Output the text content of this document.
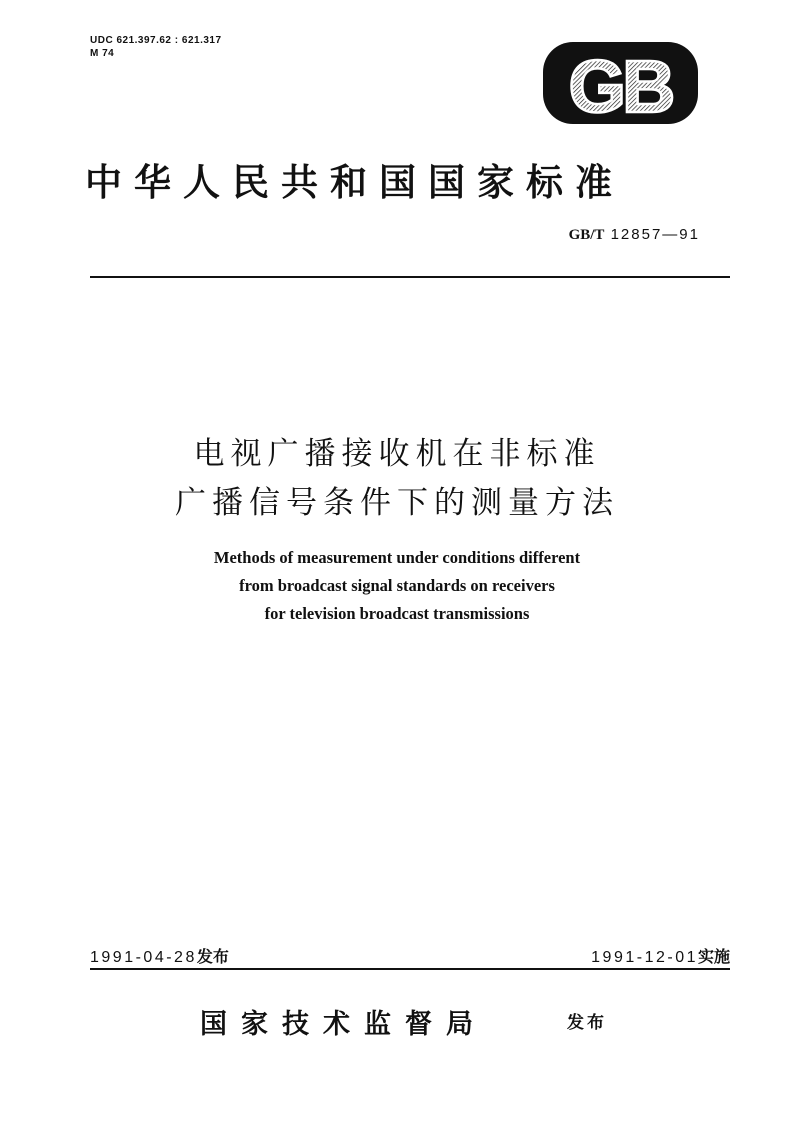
UDC 621.397.62 : 621.317
M 74	GB
中华人民共和国国家标准
GB/T 12857—91
电视广播接收机在非标准
广播信号条件下的测量方法
Methods of measurement under conditions different
from broadcast signal standards on receivers
for television broadcast transmissions
1991-04-28发布	1991-12-01实施
国家技术监督局	发布
